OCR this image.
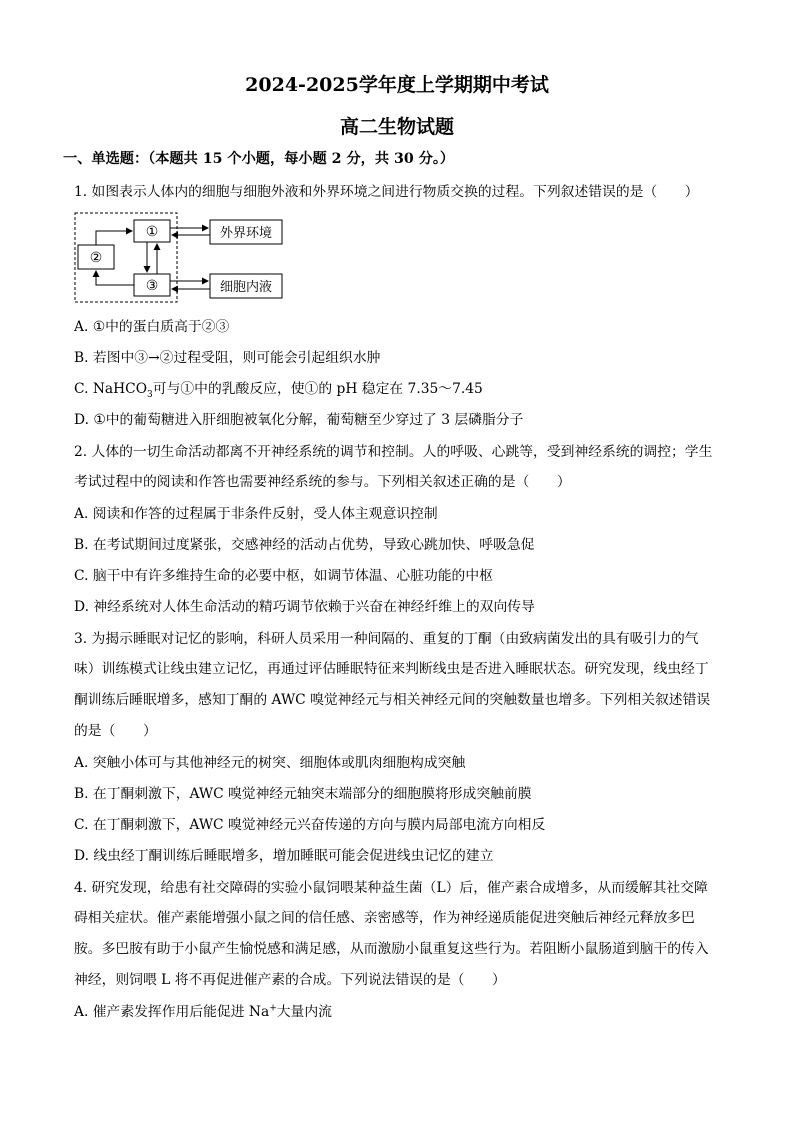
2024-2025学年度上学期期中考试
高二生物试题
一、单选题：（本题共 15 个小题，每小题 2 分，共 30 分。）
1. 如图表示人体内的细胞与细胞外液和外界环境之间进行物质交换的过程。下列叙述错误的是（　　）
①
②
③
外界环境
细胞内液
A. ①中的蛋白质高于②③
B. 若图中③→②过程受阻，则可能会引起组织水肿
C. NaHCO$_3$可与①中的乳酸反应，使①的 pH 稳定在 7.35～7.45
D. ①中的葡萄糖进入肝细胞被氧化分解，葡萄糖至少穿过了 3 层磷脂分子
2. 人体的一切生命活动都离不开神经系统的调节和控制。人的呼吸、心跳等，受到神经系统的调控；学生
考试过程中的阅读和作答也需要神经系统的参与。下列相关叙述正确的是（　　）
A. 阅读和作答的过程属于非条件反射，受人体主观意识控制
B. 在考试期间过度紧张，交感神经的活动占优势，导致心跳加快、呼吸急促
C. 脑干中有许多维持生命的必要中枢，如调节体温、心脏功能的中枢
D. 神经系统对人体生命活动的精巧调节依赖于兴奋在神经纤维上的双向传导
3. 为揭示睡眠对记忆的影响，科研人员采用一种间隔的、重复的丁酮（由致病菌发出的具有吸引力的气
味）训练模式让线虫建立记忆，再通过评估睡眠特征来判断线虫是否进入睡眠状态。研究发现，线虫经丁
酮训练后睡眠增多，感知丁酮的 AWC 嗅觉神经元与相关神经元间的突触数量也增多。下列相关叙述错误
的是（　　）
A. 突触小体可与其他神经元的树突、细胞体或肌肉细胞构成突触
B. 在丁酮刺激下，AWC 嗅觉神经元轴突末端部分的细胞膜将形成突触前膜
C. 在丁酮刺激下，AWC 嗅觉神经元兴奋传递的方向与膜内局部电流方向相反
D. 线虫经丁酮训练后睡眠增多，增加睡眠可能会促进线虫记忆的建立
4. 研究发现，给患有社交障碍的实验小鼠饲喂某种益生菌（L）后，催产素合成增多，从而缓解其社交障
碍相关症状。催产素能增强小鼠之间的信任感、亲密感等，作为神经递质能促进突触后神经元释放多巴
胺。多巴胺有助于小鼠产生愉悦感和满足感，从而激励小鼠重复这些行为。若阻断小鼠肠道到脑干的传入
神经，则饲喂 L 将不再促进催产素的合成。下列说法错误的是（　　）
A. 催产素发挥作用后能促进 Na+大量内流
